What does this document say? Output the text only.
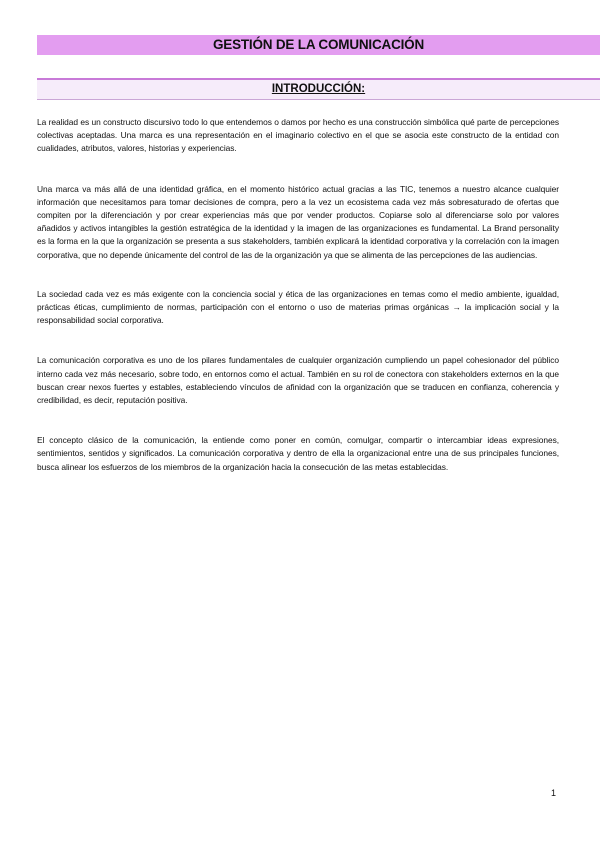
GESTIÓN DE LA COMUNICACIÓN
INTRODUCCIÓN:

La realidad es un constructo discursivo todo lo que entendemos o damos por hecho es una construcción simbólica qué parte de percepciones colectivas aceptadas. Una marca es una representación en el imaginario colectivo en el que se asocia este constructo de la entidad con cualidades, atributos, valores, historias y experiencias.

Una marca va más allá de una identidad gráfica, en el momento histórico actual gracias a las TIC, tenemos a nuestro alcance cualquier información que necesitamos para tomar decisiones de compra, pero a la vez un ecosistema cada vez más sobresaturado de ofertas que compiten por la diferenciación y por crear experiencias más que por vender productos. Copiarse solo al diferenciarse solo por valores añadidos y activos intangibles la gestión estratégica de la identidad y la imagen de las organizaciones es fundamental. La Brand personality es la forma en la que la organización se presenta a sus stakeholders, también explicará la identidad corporativa y la correlación con la imagen corporativa, que no depende únicamente del control de las de la organización ya que se alimenta de las percepciones de las audiencias.

La sociedad cada vez es más exigente con la conciencia social y ética de las organizaciones en temas como el medio ambiente, igualdad, prácticas éticas, cumplimiento de normas, participación con el entorno o uso de materias primas orgánicas → la implicación social y la responsabilidad social corporativa.

La comunicación corporativa es uno de los pilares fundamentales de cualquier organización cumpliendo un papel cohesionador del público interno cada vez más necesario, sobre todo, en entornos como el actual. También en su rol de conectora con stakeholders externos en la que buscan crear nexos fuertes y estables, estableciendo vínculos de afinidad con la organización que se traducen en confianza, coherencia y credibilidad, es decir, reputación positiva.

El concepto clásico de la comunicación, la entiende como poner en común, comulgar, compartir o intercambiar ideas expresiones, sentimientos, sentidos y significados. La comunicación corporativa y dentro de ella la organizacional entre una de sus principales funciones, busca alinear los esfuerzos de los miembros de la organización hacia la consecución de las metas establecidas.

1
